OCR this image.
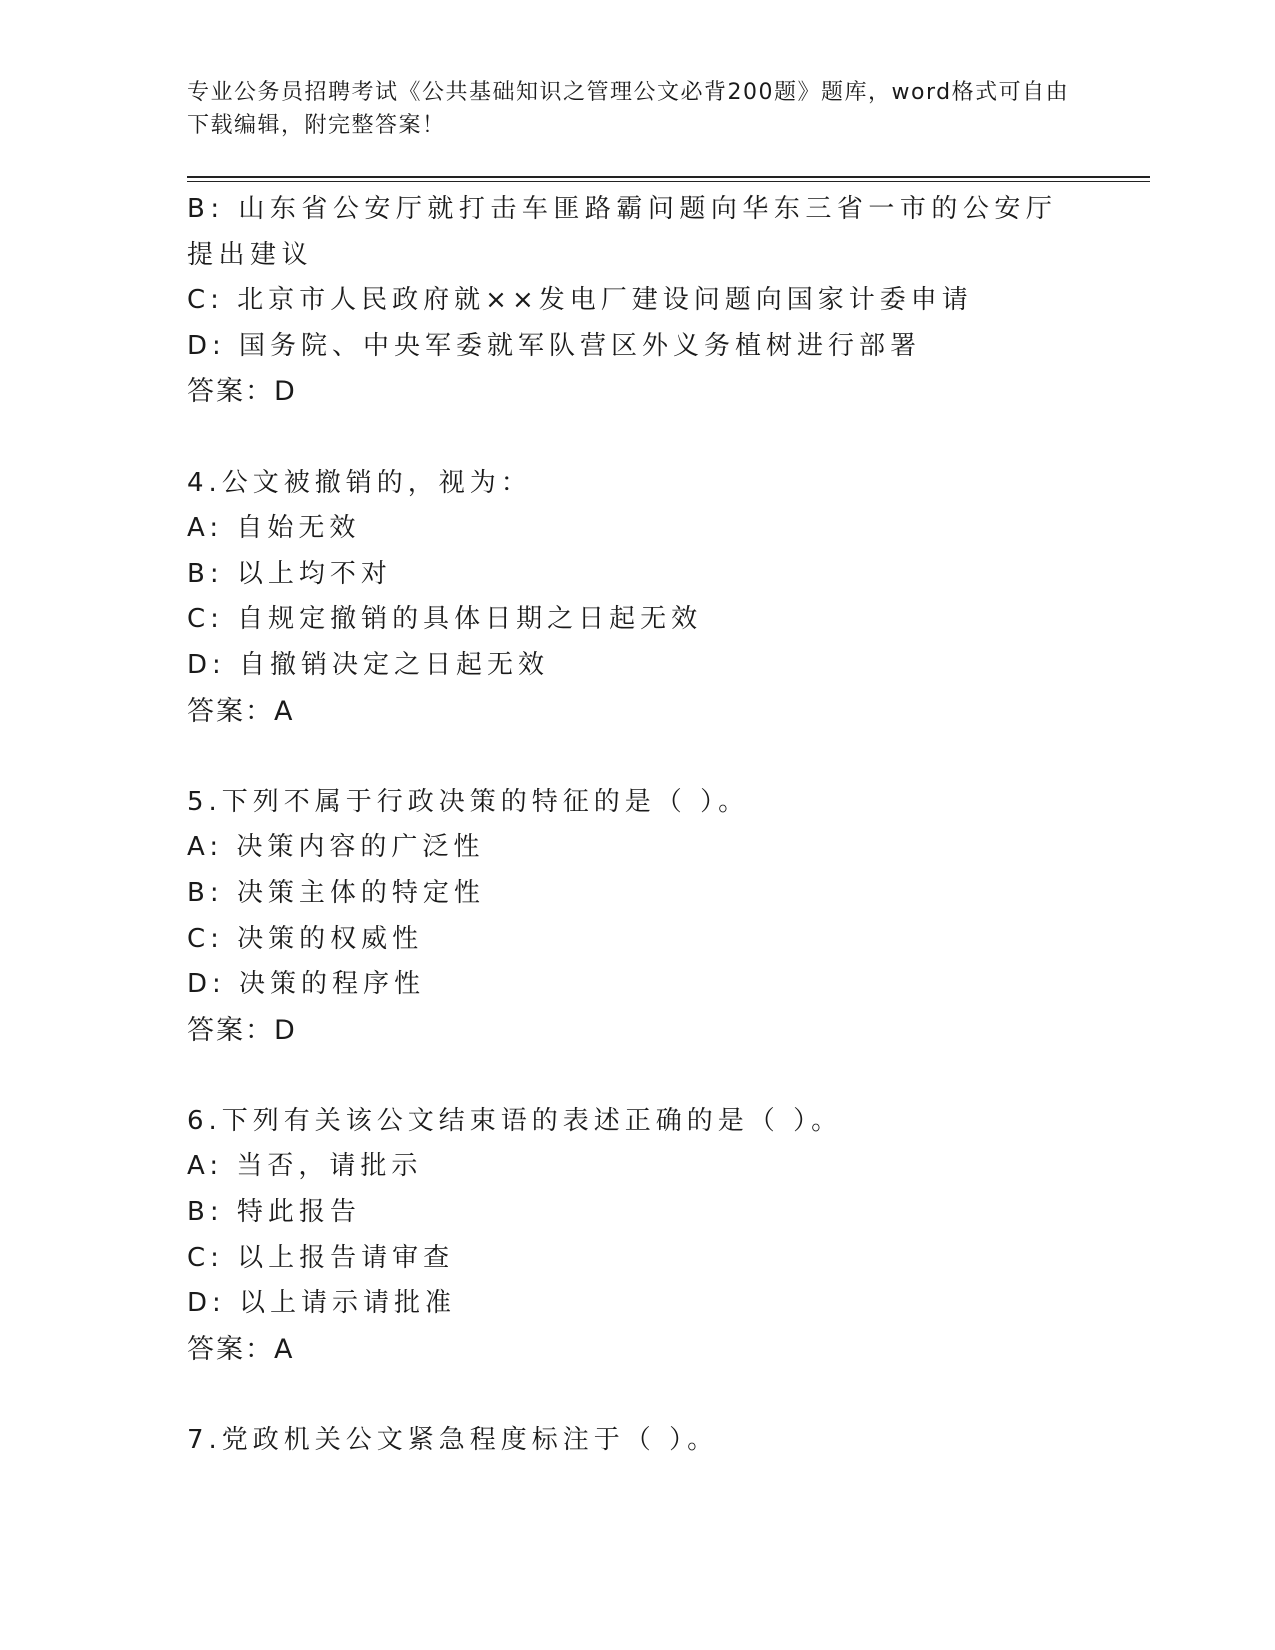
专业公务员招聘考试《公共基础知识之管理公文必背200题》题库，word格式可自由下载编辑，附完整答案！
B: 山东省公安厅就打击车匪路霸问题向华东三省一市的公安厅提出建议
C: 北京市人民政府就××发电厂建设问题向国家计委申请
D: 国务院、中央军委就军队营区外义务植树进行部署
答案：D
4.公文被撤销的，视为：
A: 自始无效
B: 以上均不对
C: 自规定撤销的具体日期之日起无效
D: 自撤销决定之日起无效
答案：A
5.下列不属于行政决策的特征的是（ ）。
A: 决策内容的广泛性
B: 决策主体的特定性
C: 决策的权威性
D: 决策的程序性
答案：D
6.下列有关该公文结束语的表述正确的是（ ）。
A: 当否，请批示
B: 特此报告
C: 以上报告请审查
D: 以上请示请批准
答案：A
7.党政机关公文紧急程度标注于（ ）。
